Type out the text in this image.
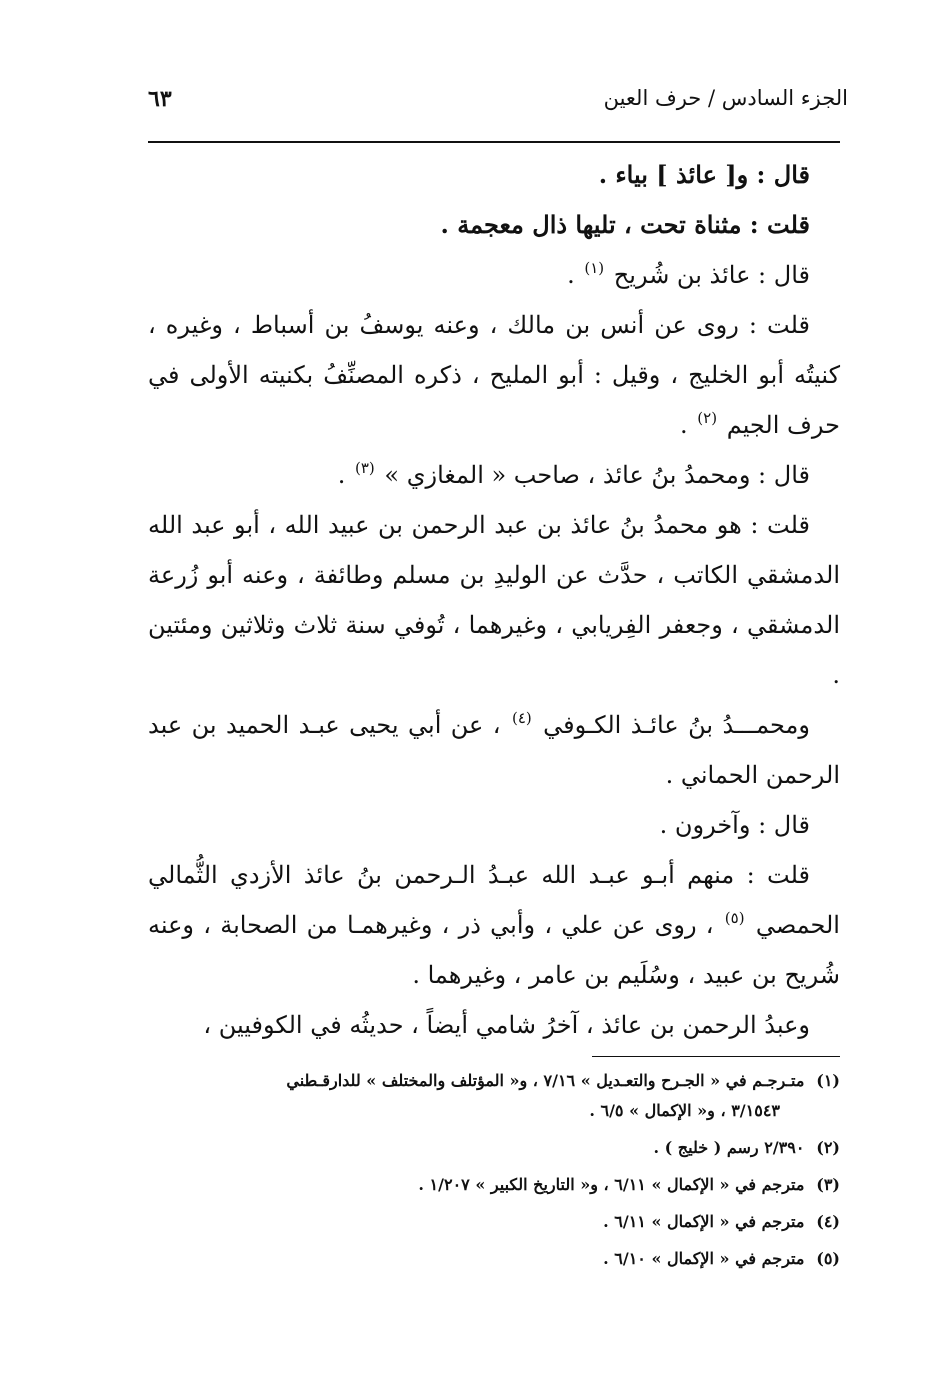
الجزء السادس / حرف العين
٦٣

قال : و[ عائذ ] بياء .

قلت : مثناة تحت ، تليها ذال معجمة .

قال : عائذ بن شُريح $^{(١)}$ .

قلت : روى عن أنس بن مالك ، وعنه يوسفُ بن أسباط ، وغيره ، كنيتُه أبو الخليج ، وقيل : أبو المليح ، ذكره المصنِّفُ بكنيته الأولى في حرف الجيم $^{(٢)}$ .

قال : ومحمدُ بنُ عائذ ، صاحب « المغازي » $^{(٣)}$ .

قلت : هو محمدُ بنُ عائذ بن عبد الرحمن بن عبيد الله ، أبو عبد الله الدمشقي الكاتب ، حدَّث عن الوليدِ بن مسلم وطائفة ، وعنه أبو زُرعة الدمشقي ، وجعفر الفِريابي ، وغيرهما ، تُوفي سنة ثلاث وثلاثين ومئتين .

ومحمـــدُ بنُ عائـذ الكـوفي $^{(٤)}$ ، عن أبي يحيى عبـد الحميد بن عبد الرحمن الحماني .

قال : وآخرون .

قلت : منهم أبـو عبـد الله عبـدُ الـرحمن بنُ عائذ الأزدي الثُّمالي الحمصي $^{(٥)}$ ، روى عن علي ، وأبي ذر ، وغيرهمـا من الصحابة ، وعنه شُريح بن عبيد ، وسُلَيم بن عامر ، وغيرهما .

وعبدُ الرحمن بن عائذ ، آخرُ شامي أيضاً ، حديثُه في الكوفيين ،

(١) متـرجـم في « الجـرح والتعـديل » ٧/١٦ ، و« المؤتلف والمختلف » للدارقـطني
٣/١٥٤٣ ، و« الإكمال » ٦/٥ .
(٢) ٢/٣٩٠ رسم ( خليج ) .
(٣) مترجم في « الإكمال » ٦/١١ ، و« التاريخ الكبير » ١/٢٠٧ .
(٤) مترجم في « الإكمال » ٦/١١ .
(٥) مترجم في « الإكمال » ٦/١٠ .
